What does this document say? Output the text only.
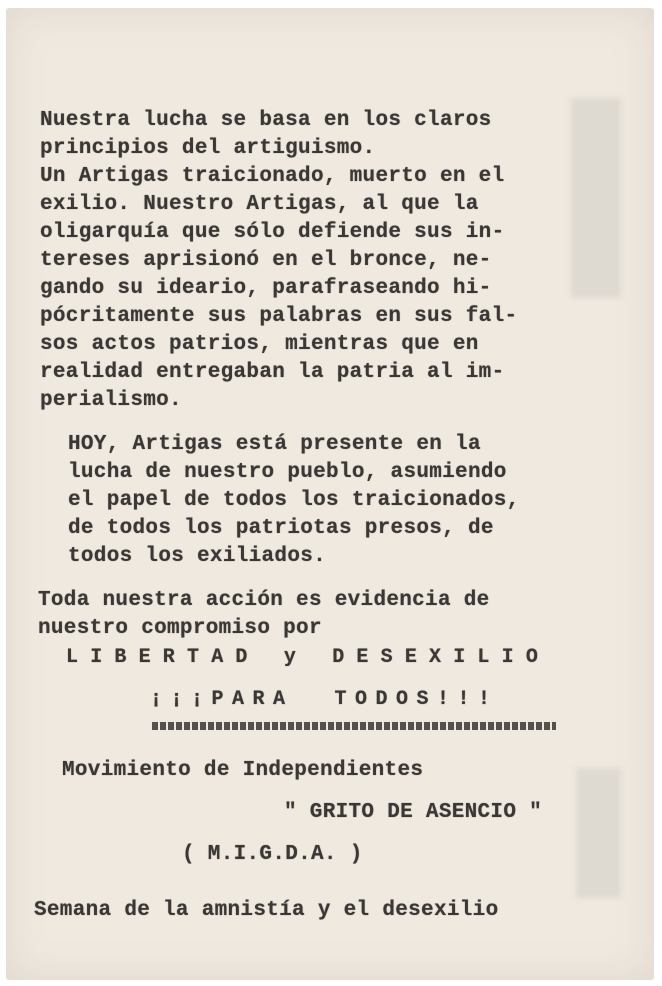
Nuestra lucha se basa en los claros
principios del artiguismo.
Un Artigas traicionado, muerto en el
exilio. Nuestro Artigas, al que la
oligarquía que sólo defiende sus in-
tereses aprisionó en el bronce, ne-
gando su ideario, parafraseando hi-
pócritamente sus palabras en sus fal-
sos actos patrios, mientras que en
realidad entregaban la patria al im-
perialismo.
HOY, Artigas está presente en la
lucha de nuestro pueblo, asumiendo
el papel de todos los traicionados,
de todos los patriotas presos, de
todos los exiliados.
Toda nuestra acción es evidencia de
nuestro compromiso por
LIBERTAD y DESEXILIO
¡¡¡PARA  TODOS!!!
Movimiento de Independientes
" GRITO DE ASENCIO "
( M.I.G.D.A. )
Semana de la amnistía y el desexilio
